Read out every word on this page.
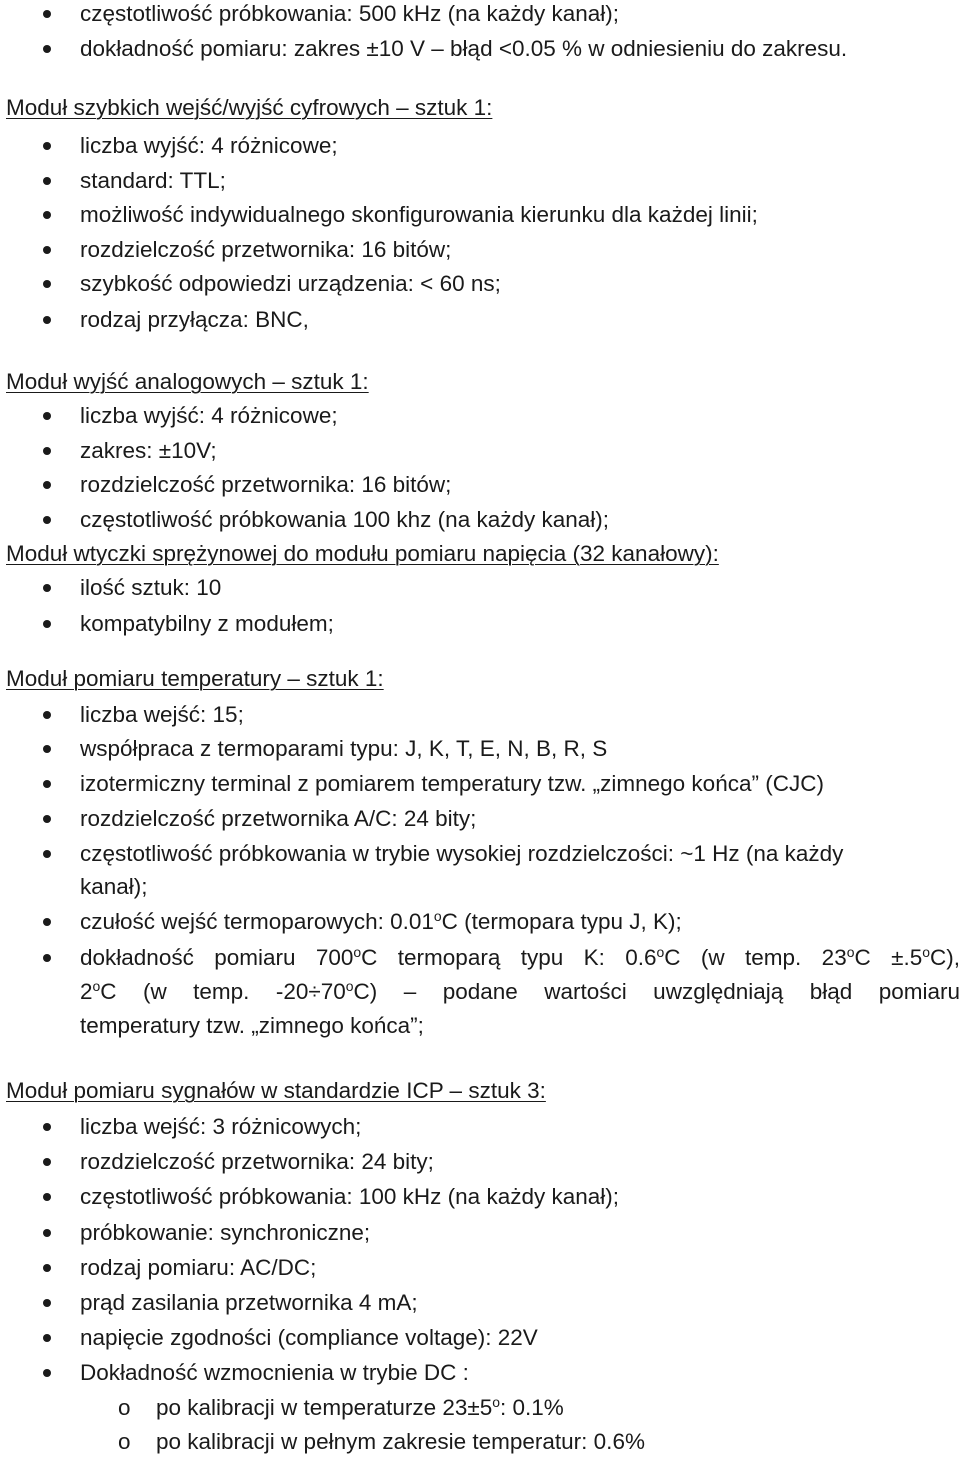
częstotliwość próbkowania: 500 kHz (na każdy kanał);
dokładność pomiaru: zakres ±10 V – błąd <0.05 % w odniesieniu do zakresu.
Moduł szybkich wejść/wyjść cyfrowych – sztuk 1:
liczba wyjść: 4 różnicowe;
standard: TTL;
możliwość indywidualnego skonfigurowania kierunku dla każdej linii;
rozdzielczość przetwornika: 16 bitów;
szybkość odpowiedzi urządzenia: < 60 ns;
rodzaj przyłącza: BNC,
Moduł wyjść analogowych – sztuk 1:
liczba wyjść: 4 różnicowe;
zakres: ±10V;
rozdzielczość przetwornika: 16 bitów;
częstotliwość próbkowania 100 khz (na każdy kanał);
Moduł wtyczki sprężynowej do modułu pomiaru napięcia (32 kanałowy):
ilość sztuk: 10
kompatybilny z modułem;
Moduł pomiaru temperatury – sztuk 1:
liczba wejść: 15;
współpraca z termoparami typu: J, K, T, E, N, B, R, S
izotermiczny terminal z pomiarem temperatury tzw. „zimnego końca” (CJC)
rozdzielczość przetwornika A/C: 24 bity;
częstotliwość próbkowania w trybie wysokiej rozdzielczości: ~1 Hz (na każdy
kanał);
czułość wejść termoparowych: 0.01$^o$C (termopara typu J, K);
dokładność pomiaru 700$^o$C termoparą typu K: 0.6$^o$C (w temp. $23^oC \pm.5^oC$),
2$^o$C (w temp. $-20\div 70^oC$) – podane wartości uwzględniają błąd pomiaru
temperatury tzw. „zimnego końca”;
Moduł pomiaru sygnałów w standardzie ICP – sztuk 3:
liczba wejść: 3 różnicowych;
rozdzielczość przetwornika: 24 bity;
częstotliwość próbkowania: 100 kHz (na każdy kanał);
próbkowanie: synchroniczne;
rodzaj pomiaru: AC/DC;
prąd zasilania przetwornika 4 mA;
napięcie zgodności (compliance voltage): 22V
Dokładność wzmocnienia w trybie DC :
o po kalibracji w temperaturze $23\pm 5^o$: 0.1%
o po kalibracji w pełnym zakresie temperatur: 0.6%
